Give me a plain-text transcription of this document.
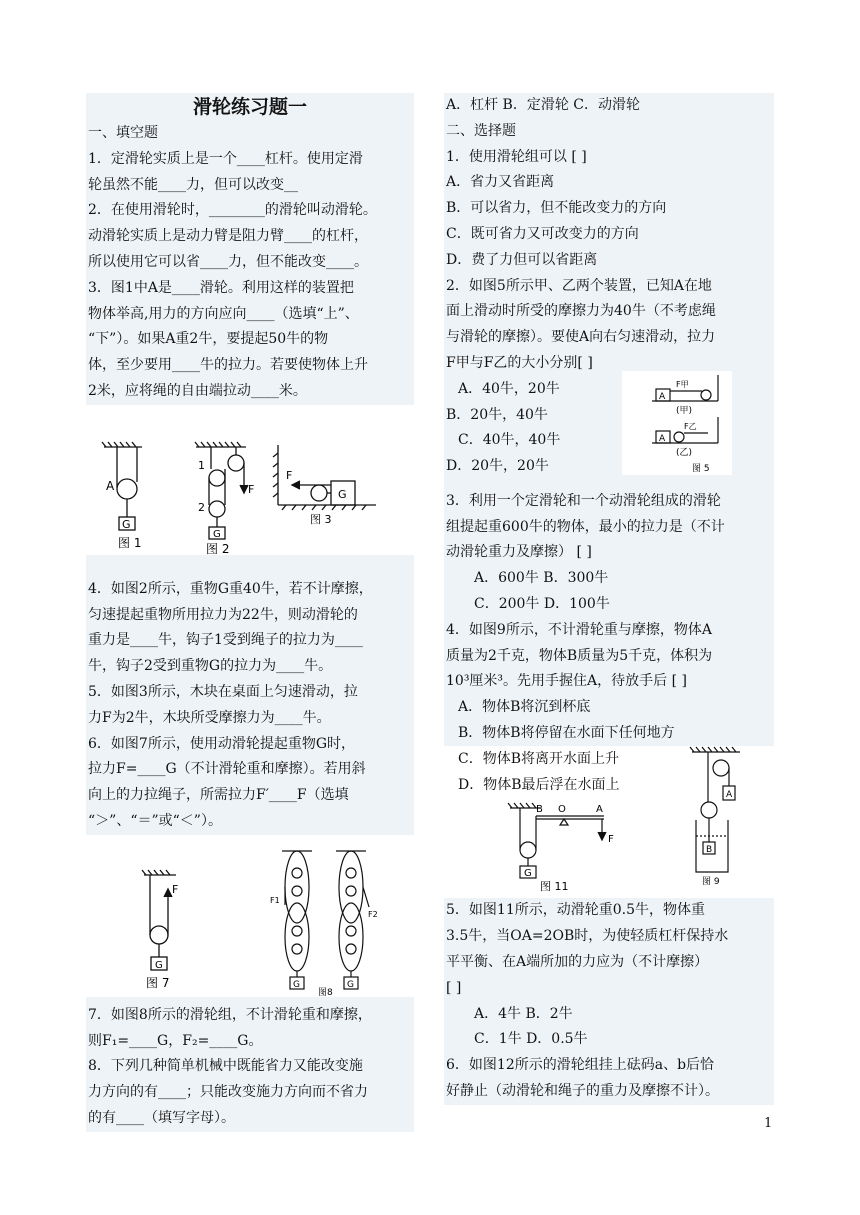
滑轮练习题一
一、填空题
1．定滑轮实质上是一个____杠杆。使用定滑
轮虽然不能____力，但可以改变__
2．在使用滑轮时，________的滑轮叫动滑轮。
动滑轮实质上是动力臂是阻力臂____的杠杆，
所以使用它可以省____力，但不能改变____。
3．图1中A是____滑轮。利用这样的装置把
物体举高,用力的方向应向____（选填“上”、
“下”）。如果A重2牛，要提起50牛的物
体，至少要用____牛的拉力。若要使物体上升
2米，应将绳的自由端拉动____米。
A
G
图 1
1
2
F
G
图 2
F
G
图 3
4．如图2所示，重物G重40牛，若不计摩擦，
匀速提起重物所用拉力为22牛，则动滑轮的
重力是____牛，钩子1受到绳子的拉力为____
牛，钩子2受到重物G的拉力为____牛。
5．如图3所示，木块在桌面上匀速滑动，拉
力F为2牛，木块所受摩擦力为____牛。
6．如图7所示，使用动滑轮提起重物G时，
拉力F=____G（不计滑轮重和摩擦）。若用斜
向上的力拉绳子，所需拉力F′____F（选填
“＞”、“＝”或“＜”）。
F
G
图 7
F1
F2
G	G
图8
7．如图8所示的滑轮组，不计滑轮重和摩擦，
则F₁=____G，F₂=____G。
8．下列几种简单机械中既能省力又能改变施
力方向的有____；只能改变施力方向而不省力
的有____（填写字母）。
A．杠杆 B．定滑轮 C．动滑轮
二、选择题
1．使用滑轮组可以 [ ]
A．省力又省距离
B．可以省力，但不能改变力的方向
C．既可省力又可改变力的方向
D．费了力但可以省距离
2．如图5所示甲、乙两个装置，已知A在地
面上滑动时所受的摩擦力为40牛（不考虑绳
与滑轮的摩擦）。要使A向右匀速滑动，拉力
F甲与F乙的大小分别[ ]
A．40牛，20牛
B．20牛，40牛
C．40牛，40牛
D．20牛，20牛
A
F甲
(甲)
A
F乙
(乙)
图 5
3．利用一个定滑轮和一个动滑轮组成的滑轮
组提起重600牛的物体，最小的拉力是（不计
动滑轮重力及摩擦） [ ]
A．600牛 B．300牛
C．200牛 D．100牛
4．如图9所示，不计滑轮重与摩擦，物体A
质量为2千克，物体B质量为5千克，体积为
10³厘米³。先用手握住A，待放手后 [ ]
A．物体B将沉到杯底
B．物体B将停留在水面下任何地方
C．物体B将离开水面上升
D．物体B最后浮在水面上
B O	A
F
G
图 11
A
B
图 9
5．如图11所示，动滑轮重0.5牛，物体重
3.5牛，当OA=2OB时，为使轻质杠杆保持水
平平衡、在A端所加的力应为（不计摩擦）
[ ]
A．4牛 B．2牛
C．1牛 D．0.5牛
6．如图12所示的滑轮组挂上砝码a、b后恰
好静止（动滑轮和绳子的重力及摩擦不计）。
1
